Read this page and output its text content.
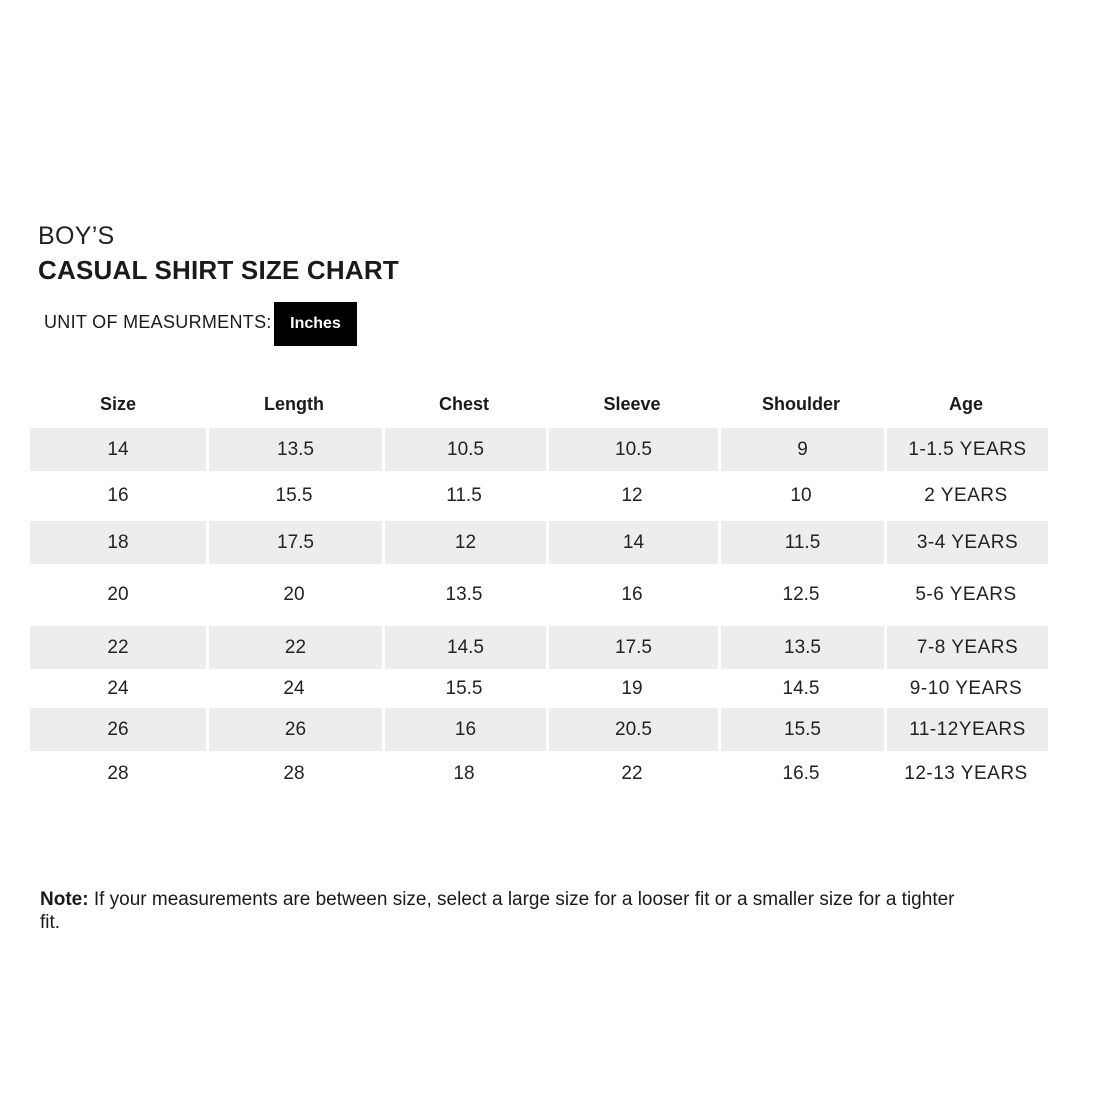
BOY’S
CASUAL SHIRT SIZE CHART
UNIT OF MEASURMENTS:	Inches
Size	Length	Chest	Sleeve	Shoulder	Age
14	13.5	10.5	10.5	9	1-1.5 YEARS
16	15.5	11.5	12	10	2 YEARS
18	17.5	12	14	11.5	3-4 YEARS
20	20	13.5	16	12.5	5-6 YEARS
22	22	14.5	17.5	13.5	7-8 YEARS
24	24	15.5	19	14.5	9-10 YEARS
26	26	16	20.5	15.5	11-12YEARS
28	28	18	22	16.5	12-13 YEARS
Note: If your measurements are between size, select a large size for a looser fit or a smaller size for a tighter fit.
